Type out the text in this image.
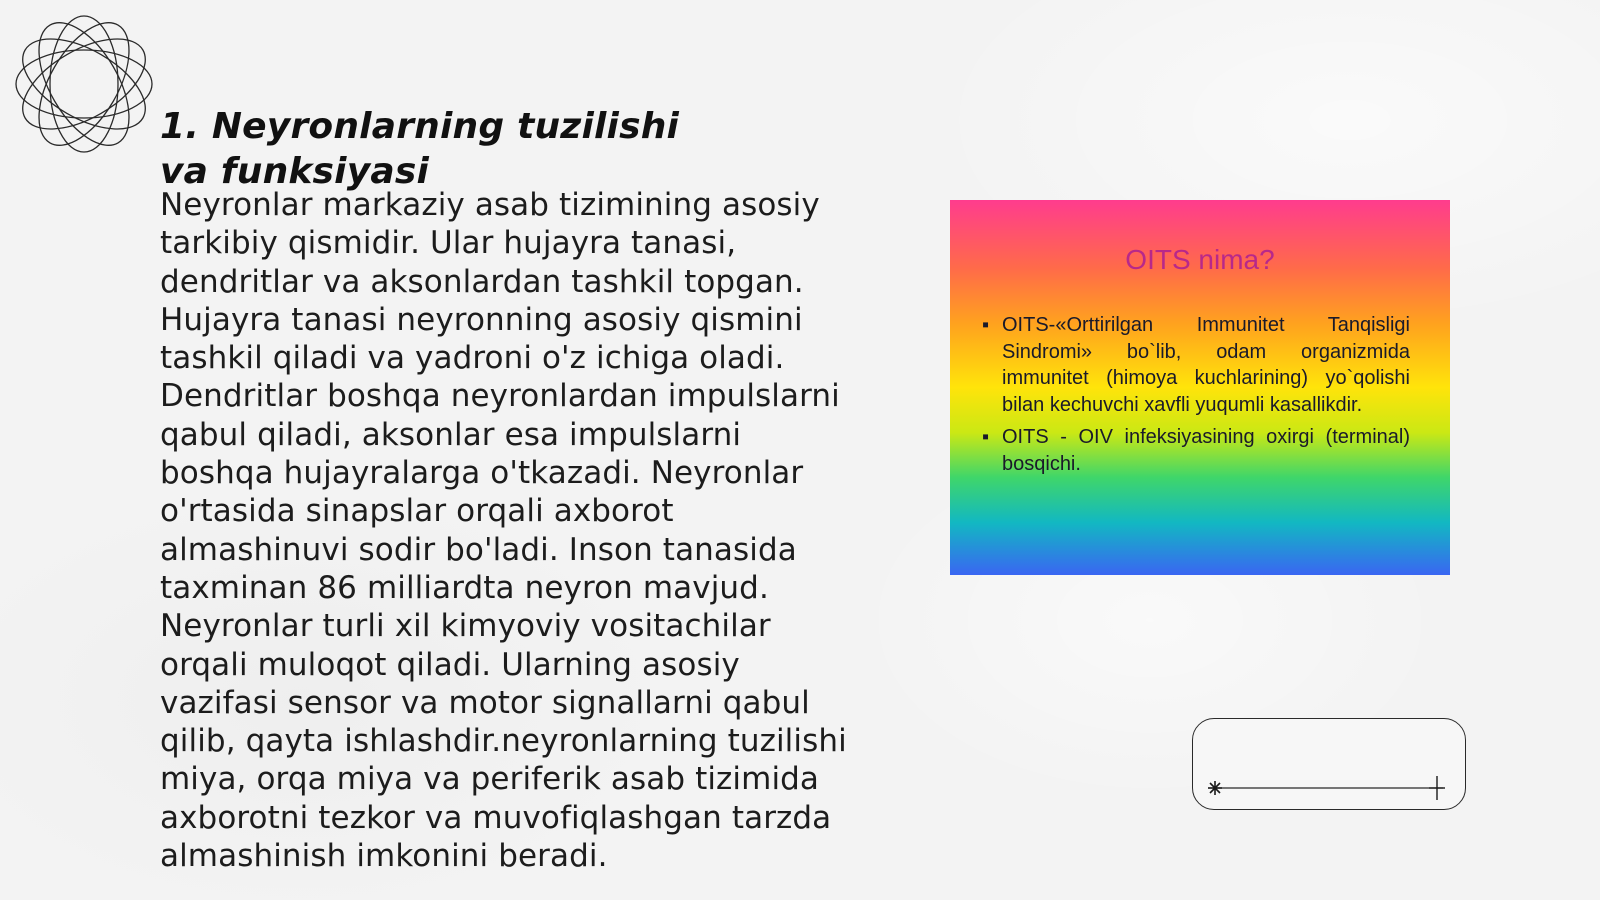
1. Neyronlarning tuzilishi va funksiyasi

Neyronlar markaziy asab tizimining asosiy tarkibiy qismidir. Ular hujayra tanasi, dendritlar va aksonlardan tashkil topgan. Hujayra tanasi neyronning asosiy qismini tashkil qiladi va yadroni o'z ichiga oladi. Dendritlar boshqa neyronlardan impulslarni qabul qiladi, aksonlar esa impulslarni boshqa hujayralarga o'tkazadi. Neyronlar o'rtasida sinapslar orqali axborot almashinuvi sodir bo'ladi. Inson tanasida taxminan 86 milliardta neyron mavjud. Neyronlar turli xil kimyoviy vositachilar orqali muloqot qiladi. Ularning asosiy vazifasi sensor va motor signallarni qabul qilib, qayta ishlashdir.neyronlarning tuzilishi miya, orqa miya va periferik asab tizimida axborotni tezkor va muvofiqlashgan tarzda almashinish imkonini beradi.

OITS nima?
▪ OITS-«Orttirilgan Immunitet Tanqisligi Sindromi» bo`lib, odam organizmida immunitet (himoya kuchlarining) yo`qolishi bilan kechuvchi xavfli yuqumli kasallikdir.
▪ OITS - OIV infeksiyasining oxirgi (terminal) bosqichi.
